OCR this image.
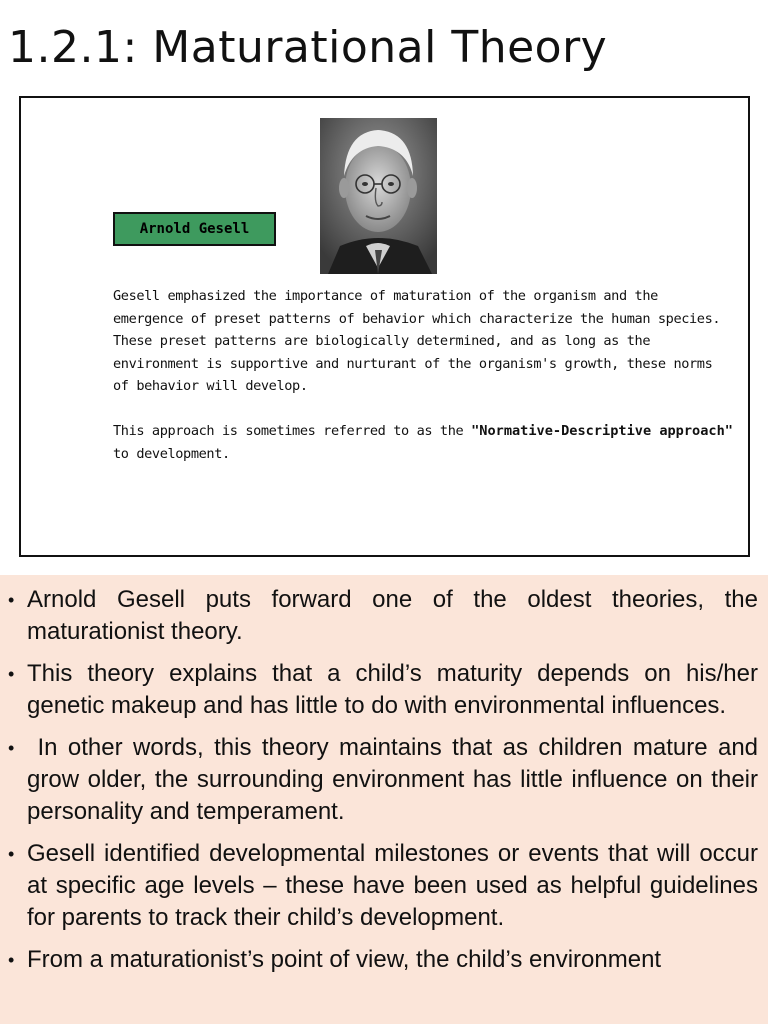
1.2.1: Maturational Theory
Arnold Gesell

Gesell emphasized the importance of maturation of the organism and the emergence of preset patterns of behavior which characterize the human species. These preset patterns are biologically determined, and as long as the environment is supportive and nurturant of the organism's growth, these norms of behavior will develop.

This approach is sometimes referred to as the "Normative-Descriptive approach" to development.

• Arnold Gesell puts forward one of the oldest theories, the maturationist theory.
• This theory explains that a child’s maturity depends on his/her genetic makeup and has little to do with environmental influences.
• In other words, this theory maintains that as children mature and grow older, the surrounding environment has little influence on their personality and temperament.
• Gesell identified developmental milestones or events that will occur at specific age levels – these have been used as helpful guidelines for parents to track their child’s development.
• From a maturationist’s point of view, the child’s environment
